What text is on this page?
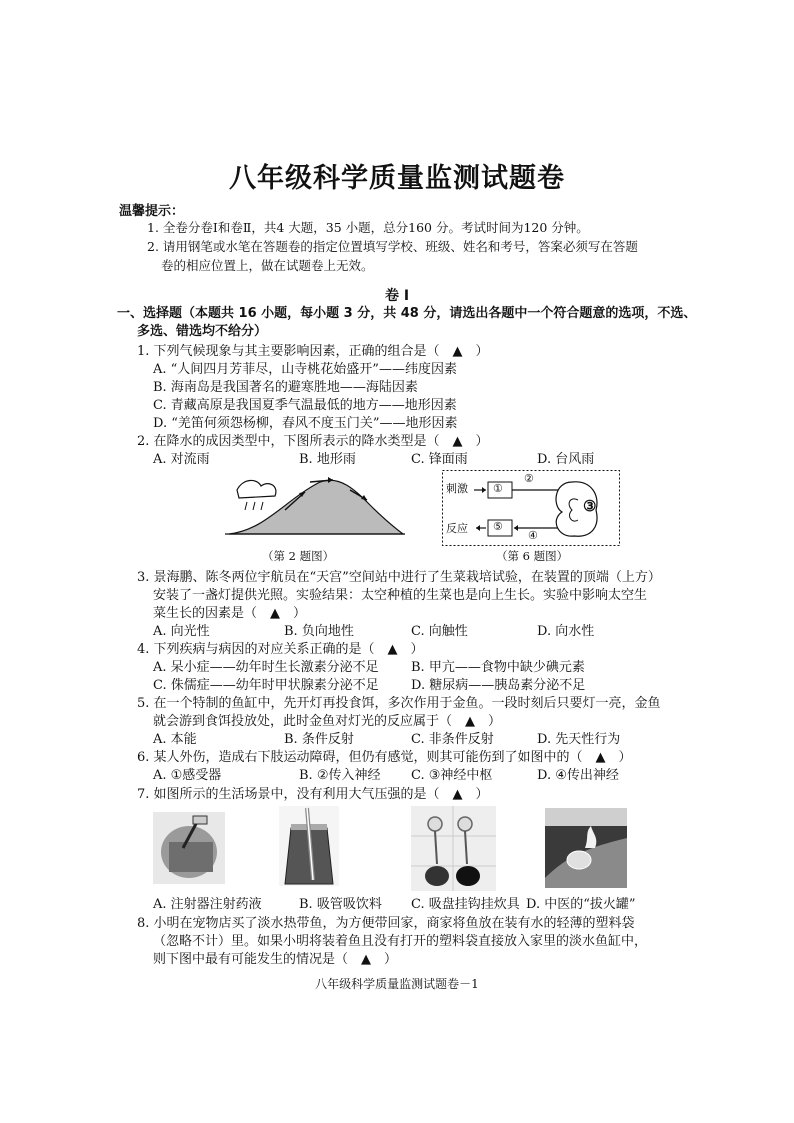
八年级科学质量监测试题卷
温馨提示：
1. 全卷分卷Ⅰ和卷Ⅱ，共4 大题，35 小题，总分160 分。考试时间为120 分钟。
2. 请用钢笔或水笔在答题卷的指定位置填写学校、班级、姓名和考号，答案必须写在答题
卷的相应位置上，做在试题卷上无效。
卷 Ⅰ
一、选择题（本题共 16 小题，每小题 3 分，共 48 分，请选出各题中一个符合题意的选项，不选、
多选、错选均不给分）
1. 下列气候现象与其主要影响因素，正确的组合是（　▲　）
A. “人间四月芳菲尽，山寺桃花始盛开”——纬度因素
B. 海南岛是我国著名的避寒胜地——海陆因素
C. 青藏高原是我国夏季气温最低的地方——地形因素
D. “羌笛何须怨杨柳，春风不度玉门关”——地形因素
2. 在降水的成因类型中，下图所表示的降水类型是（　▲　）
A. 对流雨	B. 地形雨	C. 锋面雨	D. 台风雨
（第 2 题图）
刺激
反应
①
②
③
⑤
④
（第 6 题图）
3. 景海鹏、陈冬两位宇航员在“天宫”空间站中进行了生菜栽培试验，在装置的顶端（上方）
安装了一盏灯提供光照。实验结果：太空种植的生菜也是向上生长。实验中影响太空生
菜生长的因素是（　▲　）
A. 向光性	B. 负向地性	C. 向触性	D. 向水性
4. 下列疾病与病因的对应关系正确的是（　▲　）
A. 呆小症——幼年时生长激素分泌不足 B. 甲亢——食物中缺少碘元素
C. 侏儒症——幼年时甲状腺素分泌不足 D. 糖尿病——胰岛素分泌不足
5. 在一个特制的鱼缸中，先开灯再投食饵，多次作用于金鱼。一段时刻后只要灯一亮，金鱼
就会游到食饵投放处，此时金鱼对灯光的反应属于（　▲　）
A. 本能	B. 条件反射	C. 非条件反射	D. 先天性行为
6. 某人外伤，造成右下肢运动障碍，但仍有感觉，则其可能伤到了如图中的（　▲　）
A. ①感受器	B. ②传入神经 C. ③神经中枢	D. ④传出神经
7. 如图所示的生活场景中，没有利用大气压强的是（　▲　）
A. 注射器注射药液	B. 吸管吸饮料 C. 吸盘挂钩挂炊具 D. 中医的“拔火罐”
8. 小明在宠物店买了淡水热带鱼，为方便带回家，商家将鱼放在装有水的轻薄的塑料袋
（忽略不计）里。如果小明将装着鱼且没有打开的塑料袋直接放入家里的淡水鱼缸中，
则下图中最有可能发生的情况是（　▲　）
八年级科学质量监测试题卷－1
